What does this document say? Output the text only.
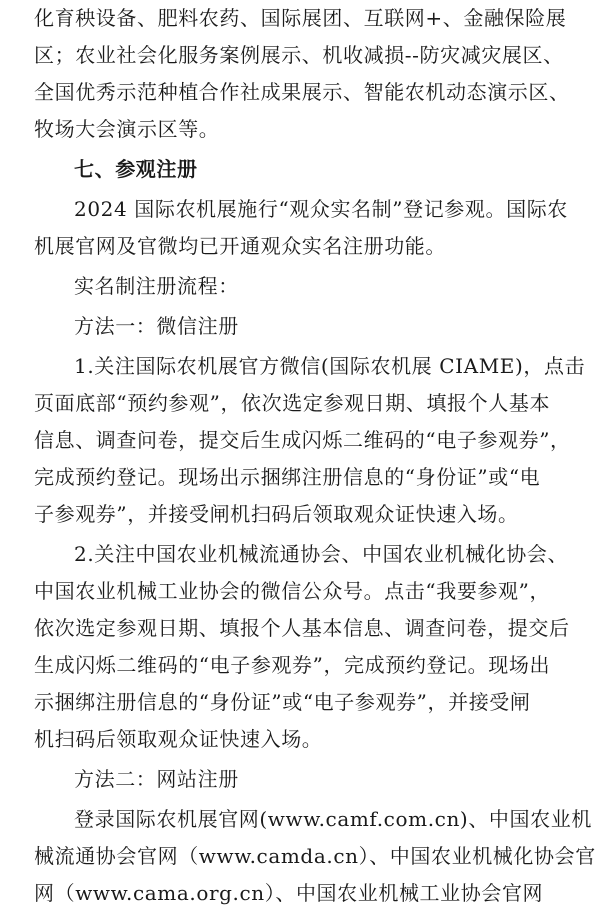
化育秧设备、肥料农药、国际展团、互联网+、金融保险展
区；农业社会化服务案例展示、机收减损--防灾减灾展区、
全国优秀示范种植合作社成果展示、智能农机动态演示区、
牧场大会演示区等。
七、参观注册
2024 国际农机展施行“观众实名制”登记参观。国际农
机展官网及官微均已开通观众实名注册功能。
实名制注册流程：
方法一：微信注册
1.关注国际农机展官方微信(国际农机展 CIAME)，点击
页面底部“预约参观”，依次选定参观日期、填报个人基本
信息、调查问卷，提交后生成闪烁二维码的“电子参观券”，
完成预约登记。现场出示捆绑注册信息的“身份证”或“电
子参观券”，并接受闸机扫码后领取观众证快速入场。
2.关注中国农业机械流通协会、中国农业机械化协会、
中国农业机械工业协会的微信公众号。点击“我要参观”，
依次选定参观日期、填报个人基本信息、调查问卷，提交后
生成闪烁二维码的“电子参观券”，完成预约登记。现场出
示捆绑注册信息的“身份证”或“电子参观券”，并接受闸
机扫码后领取观众证快速入场。
方法二：网站注册
登录国际农机展官网(www.camf.com.cn)、中国农业机
械流通协会官网（www.camda.cn）、中国农业机械化协会官
网（www.cama.org.cn）、中国农业机械工业协会官网
